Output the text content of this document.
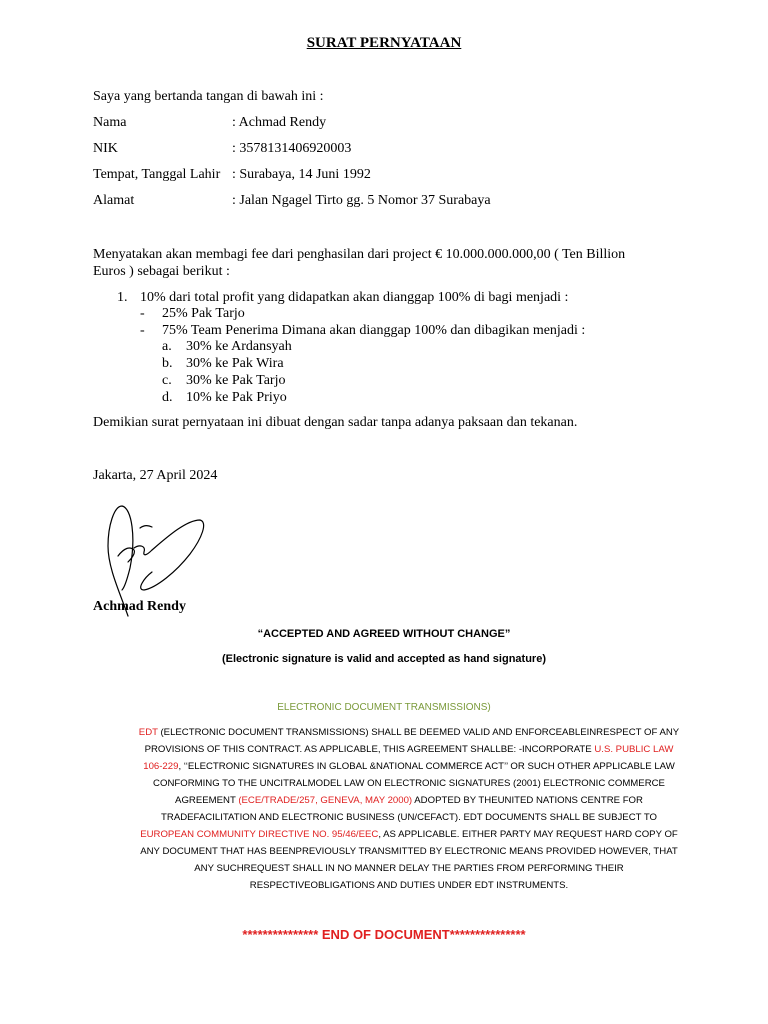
SURAT PERNYATAAN
Saya yang bertanda tangan di bawah ini :
Nama	: Achmad Rendy
NIK	: 3578131406920003
Tempat, Tanggal Lahir : Surabaya, 14 Juni 1992
Alamat	: Jalan Ngagel Tirto gg. 5 Nomor 37 Surabaya
Menyatakan akan membagi fee dari penghasilan dari project € 10.000.000.000,00 ( Ten Billion Euros ) sebagai berikut :
1. 10% dari total profit yang didapatkan akan dianggap 100% di bagi menjadi :
- 25% Pak Tarjo
- 75% Team Penerima Dimana akan dianggap 100% dan dibagikan menjadi :
a. 30% ke Ardansyah
b. 30% ke Pak Wira
c. 30% ke Pak Tarjo
d. 10% ke Pak Priyo
Demikian surat pernyataan ini dibuat dengan sadar tanpa adanya paksaan dan tekanan.
Jakarta, 27 April 2024
Achmad Rendy
“ACCEPTED AND AGREED WITHOUT CHANGE”
(Electronic signature is valid and accepted as hand signature)
ELECTRONIC DOCUMENT TRANSMISSIONS)
EDT (ELECTRONIC DOCUMENT TRANSMISSIONS) SHALL BE DEEMED VALID AND ENFORCEABLEINRESPECT OF ANY PROVISIONS OF THIS CONTRACT. AS APPLICABLE, THIS AGREEMENT SHALLBE: -INCORPORATE U.S. PUBLIC LAW 106-229, ‘‘ELECTRONIC SIGNATURES IN GLOBAL &NATIONAL COMMERCE ACT’’ OR SUCH OTHER APPLICABLE LAW CONFORMING TO THE UNCITRALMODEL LAW ON ELECTRONIC SIGNATURES (2001) ELECTRONIC COMMERCE AGREEMENT (ECE/TRADE/257, GENEVA, MAY 2000) ADOPTED BY THEUNITED NATIONS CENTRE FOR TRADEFACILITATION AND ELECTRONIC BUSINESS (UN/CEFACT). EDT DOCUMENTS SHALL BE SUBJECT TO EUROPEAN COMMUNITY DIRECTIVE NO. 95/46/EEC, AS APPLICABLE. EITHER PARTY MAY REQUEST HARD COPY OF ANY DOCUMENT THAT HAS BEENPREVIOUSLY TRANSMITTED BY ELECTRONIC MEANS PROVIDED HOWEVER, THAT ANY SUCHREQUEST SHALL IN NO MANNER DELAY THE PARTIES FROM PERFORMING THEIR RESPECTIVEOBLIGATIONS AND DUTIES UNDER EDT INSTRUMENTS.
*************** END OF DOCUMENT***************
